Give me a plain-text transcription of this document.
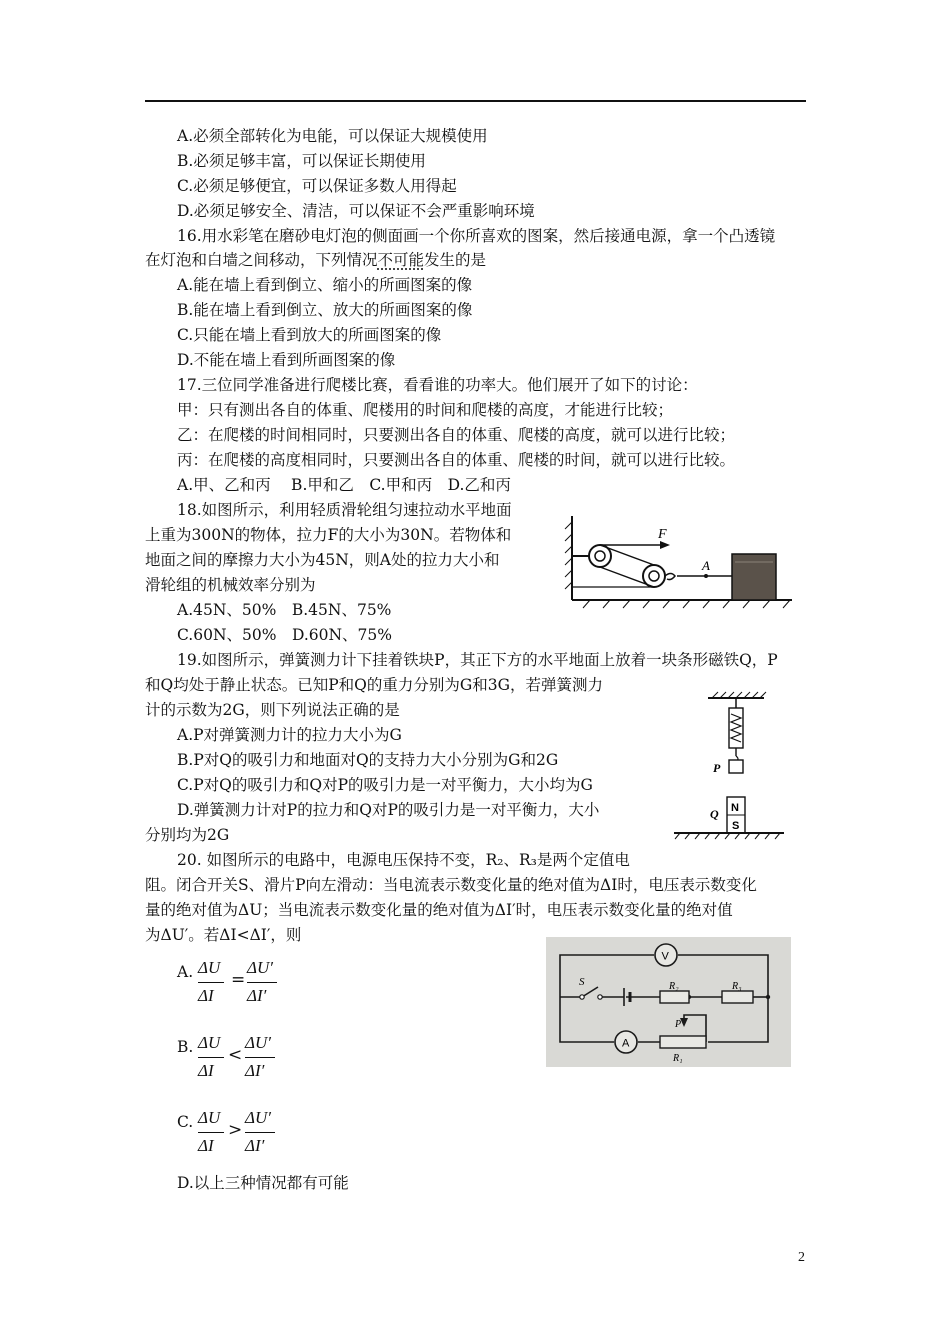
A.必须全部转化为电能，可以保证大规模使用
B.必须足够丰富，可以保证长期使用
C.必须足够便宜，可以保证多数人用得起
D.必须足够安全、清洁，可以保证不会严重影响环境
16.用水彩笔在磨砂电灯泡的侧面画一个你所喜欢的图案，然后接通电源，拿一个凸透镜
在灯泡和白墙之间移动，下列情况不可能发生的是
A.能在墙上看到倒立、缩小的所画图案的像
B.能在墙上看到倒立、放大的所画图案的像
C.只能在墙上看到放大的所画图案的像
D.不能在墙上看到所画图案的像
17.三位同学准备进行爬楼比赛，看看谁的功率大。他们展开了如下的讨论：
甲：只有测出各自的体重、爬楼用的时间和爬楼的高度，才能进行比较；
乙：在爬楼的时间相同时，只要测出各自的体重、爬楼的高度，就可以进行比较；
丙：在爬楼的高度相同时，只要测出各自的体重、爬楼的时间，就可以进行比较。
A.甲、乙和丙　 B.甲和乙　C.甲和丙　D.乙和丙
18.如图所示，利用轻质滑轮组匀速拉动水平地面
上重为300N的物体，拉力F的大小为30N。若物体和
地面之间的摩擦力大小为45N，则A处的拉力大小和
滑轮组的机械效率分别为
A.45N、50%　B.45N、75%
C.60N、50%　D.60N、75%
F
A
19.如图所示，弹簧测力计下挂着铁块P，其正下方的水平地面上放着一块条形磁铁Q，P
和Q均处于静止状态。已知P和Q的重力分别为G和3G，若弹簧测力
计的示数为2G，则下列说法正确的是
A.P对弹簧测力计的拉力大小为G
B.P对Q的吸引力和地面对Q的支持力大小分别为G和2G
C.P对Q的吸引力和Q对P的吸引力是一对平衡力，大小均为G
D.弹簧测力计对P的拉力和Q对P的吸引力是一对平衡力，大小
分别均为2G
P
N
S
Q
20. 如图所示的电路中，电源电压保持不变，R₂、R₃是两个定值电
阻。闭合开关S、滑片P向左滑动：当电流表示数变化量的绝对值为ΔI时，电压表示数变化
量的绝对值为ΔU；当电流表示数变化量的绝对值为ΔI′时，电压表示数变化量的绝对值
为ΔU′。若ΔI<ΔI′，则
A. ΔU
ΔI
=
ΔU′
ΔI′
B. ΔU
ΔI
<
ΔU′
ΔI′
C. ΔU
ΔI
>
ΔU′
ΔI′
D.以上三种情况都有可能
V
A
S	R₂	R₃
R₁
P
2
